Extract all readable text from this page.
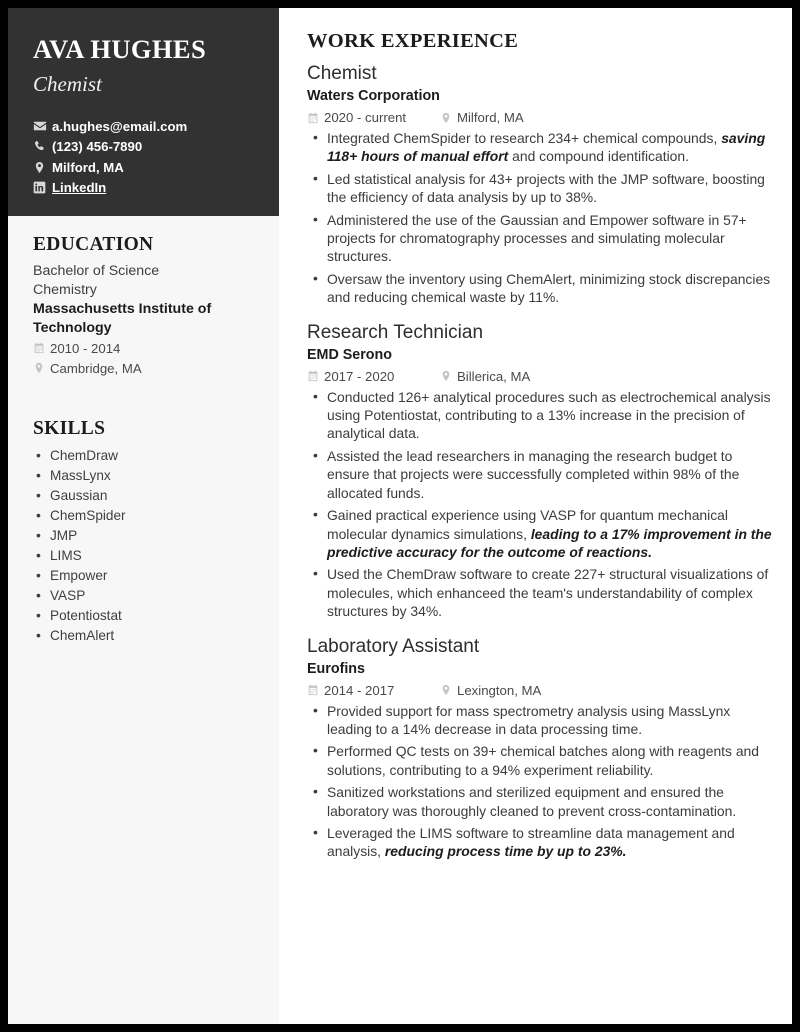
AVA HUGHES
Chemist
a.hughes@email.com
(123) 456-7890
Milford, MA
LinkedIn
EDUCATION
Bachelor of Science
Chemistry
Massachusetts Institute of Technology
2010 - 2014
Cambridge, MA
SKILLS
• ChemDraw
• MassLynx
• Gaussian
• ChemSpider
• JMP
• LIMS
• Empower
• VASP
• Potentiostat
• ChemAlert
WORK EXPERIENCE
Chemist
Waters Corporation
2020 - current	Milford, MA
• Integrated ChemSpider to research 234+ chemical compounds, saving 118+ hours of manual effort and compound identification.
• Led statistical analysis for 43+ projects with the JMP software, boosting the efficiency of data analysis by up to 38%.
• Administered the use of the Gaussian and Empower software in 57+ projects for chromatography processes and simulating molecular structures.
• Oversaw the inventory using ChemAlert, minimizing stock discrepancies and reducing chemical waste by 11%.
Research Technician
EMD Serono
2017 - 2020	Billerica, MA
• Conducted 126+ analytical procedures such as electrochemical analysis using Potentiostat, contributing to a 13% increase in the precision of analytical data.
• Assisted the lead researchers in managing the research budget to ensure that projects were successfully completed within 98% of the allocated funds.
• Gained practical experience using VASP for quantum mechanical molecular dynamics simulations, leading to a 17% improvement in the predictive accuracy for the outcome of reactions.
• Used the ChemDraw software to create 227+ structural visualizations of molecules, which enhanceed the team's understandability of complex structures by 34%.
Laboratory Assistant
Eurofins
2014 - 2017	Lexington, MA
• Provided support for mass spectrometry analysis using MassLynx leading to a 14% decrease in data processing time.
• Performed QC tests on 39+ chemical batches along with reagents and solutions, contributing to a 94% experiment reliability.
• Sanitized workstations and sterilized equipment and ensured the laboratory was thoroughly cleaned to prevent cross-contamination.
• Leveraged the LIMS software to streamline data management and analysis, reducing process time by up to 23%.
